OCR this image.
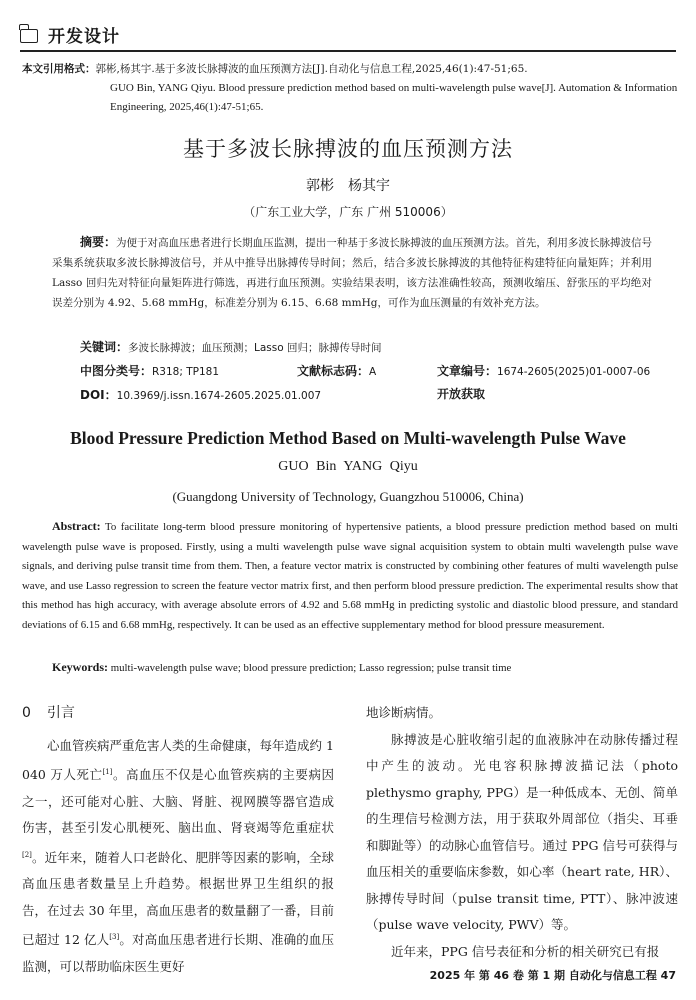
开发设计
本文引用格式：郭彬,杨其宇.基于多波长脉搏波的血压预测方法[J].自动化与信息工程,2025,46(1):47-51;65.
GUO Bin, YANG Qiyu. Blood pressure prediction method based on multi-wavelength pulse wave[J]. Automation & Information Engineering, 2025,46(1):47-51;65.
基于多波长脉搏波的血压预测方法
郭彬　杨其宇
（广东工业大学，广东 广州 510006）
摘要：为便于对高血压患者进行长期血压监测，提出一种基于多波长脉搏波的血压预测方法。首先，利用多波长脉搏波信号采集系统获取多波长脉搏波信号，并从中推导出脉搏传导时间；然后，结合多波长脉搏波的其他特征构建特征向量矩阵；并利用 Lasso 回归先对特征向量矩阵进行筛选，再进行血压预测。实验结果表明，该方法准确性较高，预测收缩压、舒张压的平均绝对误差分别为 4.92、5.68 mmHg，标准差分别为 6.15、6.68 mmHg，可作为血压测量的有效补充方法。
关键词：多波长脉搏波；血压预测；Lasso 回归；脉搏传导时间
中图分类号：R318; TP181	文献标志码：A	文章编号：1674-2605(2025)01-0007-06
DOI：10.3969/j.issn.1674-2605.2025.01.007	开放获取
Blood Pressure Prediction Method Based on Multi-wavelength Pulse Wave
GUO Bin YANG Qiyu
(Guangdong University of Technology, Guangzhou 510006, China)
Abstract: To facilitate long-term blood pressure monitoring of hypertensive patients, a blood pressure prediction method based on multi wavelength pulse wave is proposed. Firstly, using a multi wavelength pulse wave signal acquisition system to obtain multi wavelength pulse wave signals, and deriving pulse transit time from them. Then, a feature vector matrix is constructed by combining other features of multi wavelength pulse wave, and use Lasso regression to screen the feature vector matrix first, and then perform blood pressure prediction. The experimental results show that this method has high accuracy, with average absolute errors of 4.92 and 5.68 mmHg in predicting systolic and diastolic blood pressure, and standard deviations of 6.15 and 6.68 mmHg, respectively. It can be used as an effective supplementary method for blood pressure measurement.
Keywords: multi-wavelength pulse wave; blood pressure prediction; Lasso regression; pulse transit time
0 引言

心血管疾病严重危害人类的生命健康，每年造成约 1 040 万人死亡[1]。高血压不仅是心血管疾病的主要病因之一，还可能对心脏、大脑、肾脏、视网膜等器官造成伤害，甚至引发心肌梗死、脑出血、肾衰竭等危重症状[2]。近年来，随着人口老龄化、肥胖等因素的影响，全球高血压患者数量呈上升趋势。根据世界卫生组织的报告，在过去 30 年里，高血压患者的数量翻了一番，目前已超过 12 亿人[3]。对高血压患者进行长期、准确的血压监测，可以帮助临床医生更好

地诊断病情。

脉搏波是心脏收缩引起的血液脉冲在动脉传播过程中产生的波动。光电容积脉搏波描记法（photo plethysmo graphy, PPG）是一种低成本、无创、简单的生理信号检测方法，用于获取外周部位（指尖、耳垂和脚趾等）的动脉心血管信号。通过 PPG 信号可获得与血压相关的重要临床参数，如心率（heart rate, HR）、脉搏传导时间（pulse transit time, PTT）、脉冲波速（pulse wave velocity, PWV）等。

近年来，PPG 信号表征和分析的相关研究已有报

2025 年 第 46 卷 第 1 期 自动化与信息工程 47
